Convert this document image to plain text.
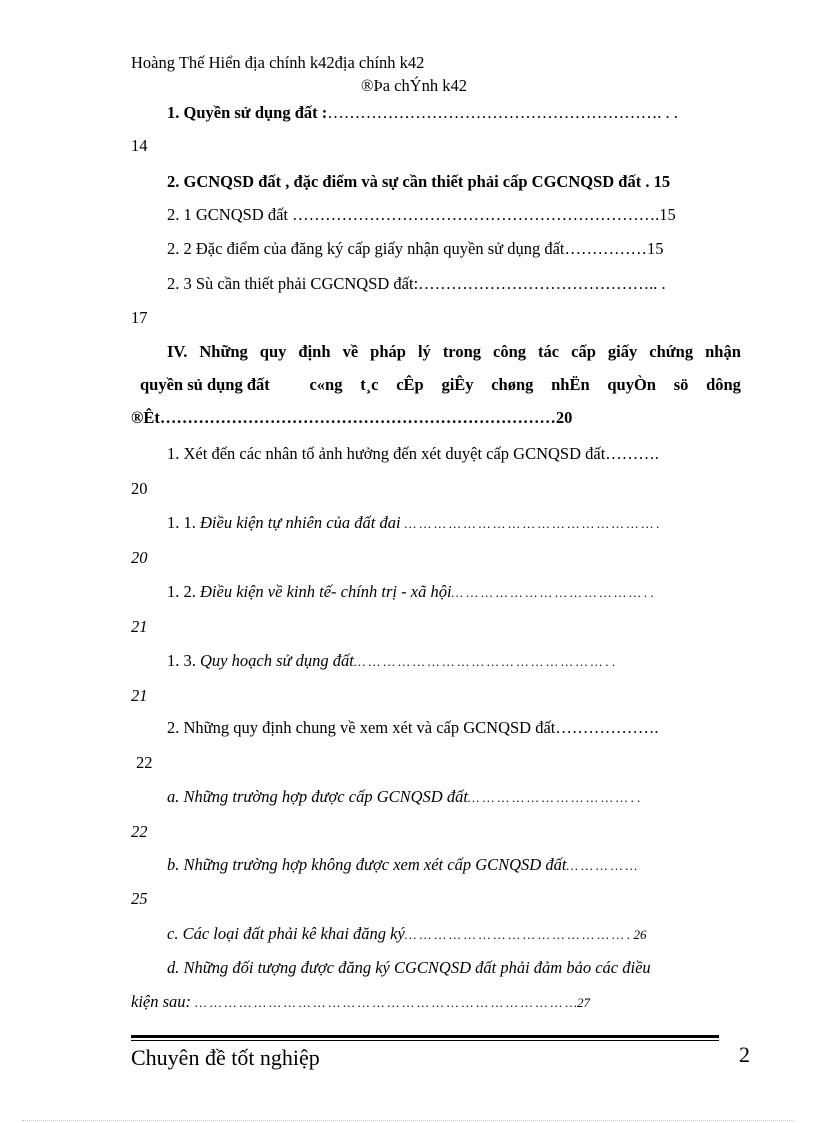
Hoàng Thế Hiển địa chính k42địa chính k42
®Þa chÝnh k42
1. Quyền sử dụng đất :……………………………………………………. . .
14
2. GCNQSD đất , đặc điểm và sự cần thiết phải cấp CGCNQSD đất . 15
2. 1 GCNQSD đất ………………………………………………………….15
2. 2 Đặc điểm của đăng ký cấp giấy nhận quyền sử dụng đất……………15
2. 3 Sù cần thiết phải CGCNQSD đất:…………………………………….. .
17
IV. Những quy định về pháp lý trong công tác cấp giấy chứng nhận
quyền sủ dụng đất c«ng t¸c cÊp giÊy chøng nhËn quyÒn sö dông
®Êt………………………………………………………………20
1. Xét đến các nhân tố ảnh hưởng đến xét duyệt cấp GCNQSD đất……….
20
1. 1. Điều kiện tự nhiên của đất đai … … … … … … … … … … … … … … … … … .
20
1. 2. Điều kiện về kinh tế- chính trị - xã hội… … … … … … … … … … … … … . .
21
1. 3. Quy hoạch sử dụng đất… … … … … … … … … … … … … … … … … . .
21
2. Những quy định chung về xem xét và cấp GCNQSD đất……………….
22
a. Những trường hợp được cấp GCNQSD đất… … … … … … … … … … … . .
22
b. Những trường hợp không được xem xét cấp GCNQSD đất… … … … …
25
c. Các loại đất phải kê khai đăng ký… … … … … … … … … … … … … … … . 26
d. Những đối tượng được đăng ký CGCNQSD đất phải đảm bảo các điều
kiện sau: … … … … … … … … … … … … … … … … … … … … … … … … … …27
Chuyên đề tốt nghiệp	2
